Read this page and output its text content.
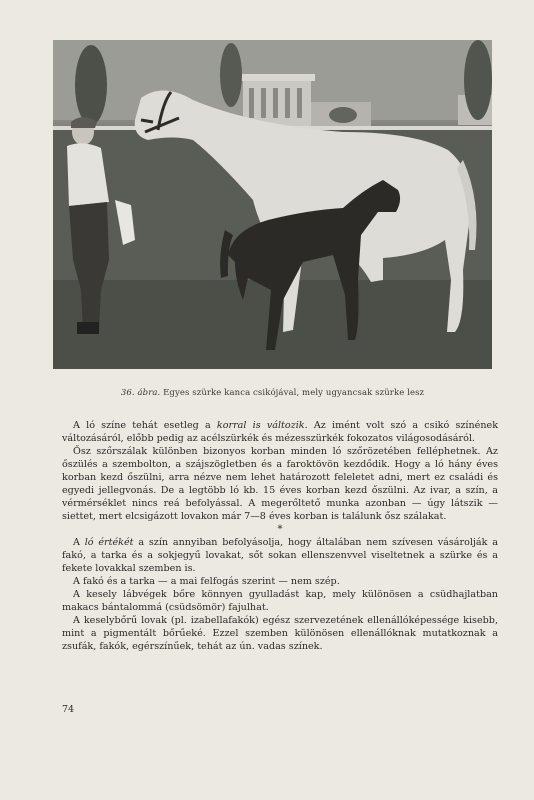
36. ábra. Egyes szürke kanca csikójával, mely ugyancsak szürke lesz

A ló színe tehát esetleg a korral is változik. Az imént volt szó a csikó színének változásáról, előbb pedig az acélszürkék és mézesszürkék fokozatos világosodásáról.

Ősz szőrszálak különben bizonyos korban minden ló szőrözetében felléphetnek. Az őszülés a szembolton, a szájszögletben és a faroktövön kezdődik. Hogy a ló hány éves korban kezd őszülni, arra nézve nem lehet határozott feleletet adni, mert ez családi és egyedi jellegvonás. De a legtöbb ló kb. 15 éves korban kezd őszülni. Az ivar, a szín, a vérmérséklet nincs reá befolyással. A megerőltető munka azonban — úgy látszik — siettet, mert elcsigázott lovakon már 7—8 éves korban is találunk ősz szálakat.

*

A ló értékét a szín annyiban befolyásolja, hogy általában nem szívesen vásárolják a fakó, a tarka és a sokjegyű lovakat, sőt sokan ellenszenvvel viseltetnek a szürke és a fekete lovakkal szemben is.

A fakó és a tarka — a mai felfogás szerint — nem szép.

A kesely lábvégek bőre könnyen gyulladást kap, mely különösen a csüdhajlatban makacs bántalommá (csüdsömör) fajulhat.

A keselybőrű lovak (pl. izabellafakók) egész szervezetének ellenállóképessége kisebb, mint a pigmentált bőrűeké. Ezzel szemben különösen ellenállóknak mutatkoznak a zsufák, fakók, egérszínűek, tehát az ún. vadas színek.

74
